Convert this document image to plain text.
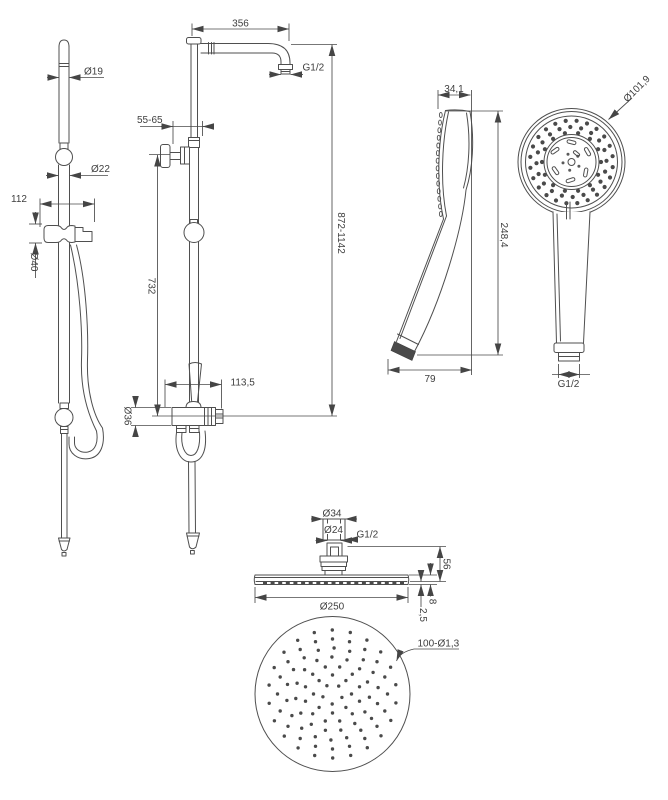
Ø19
Ø22
112
Ø40
356
G1/2
872-1142
55-65
732
Ø36
113,5
34,1
248,4
79	G1/2
Ø101,9
Ø34
Ø24 G1/2
56
8
2,5
Ø250
100-Ø1,3
